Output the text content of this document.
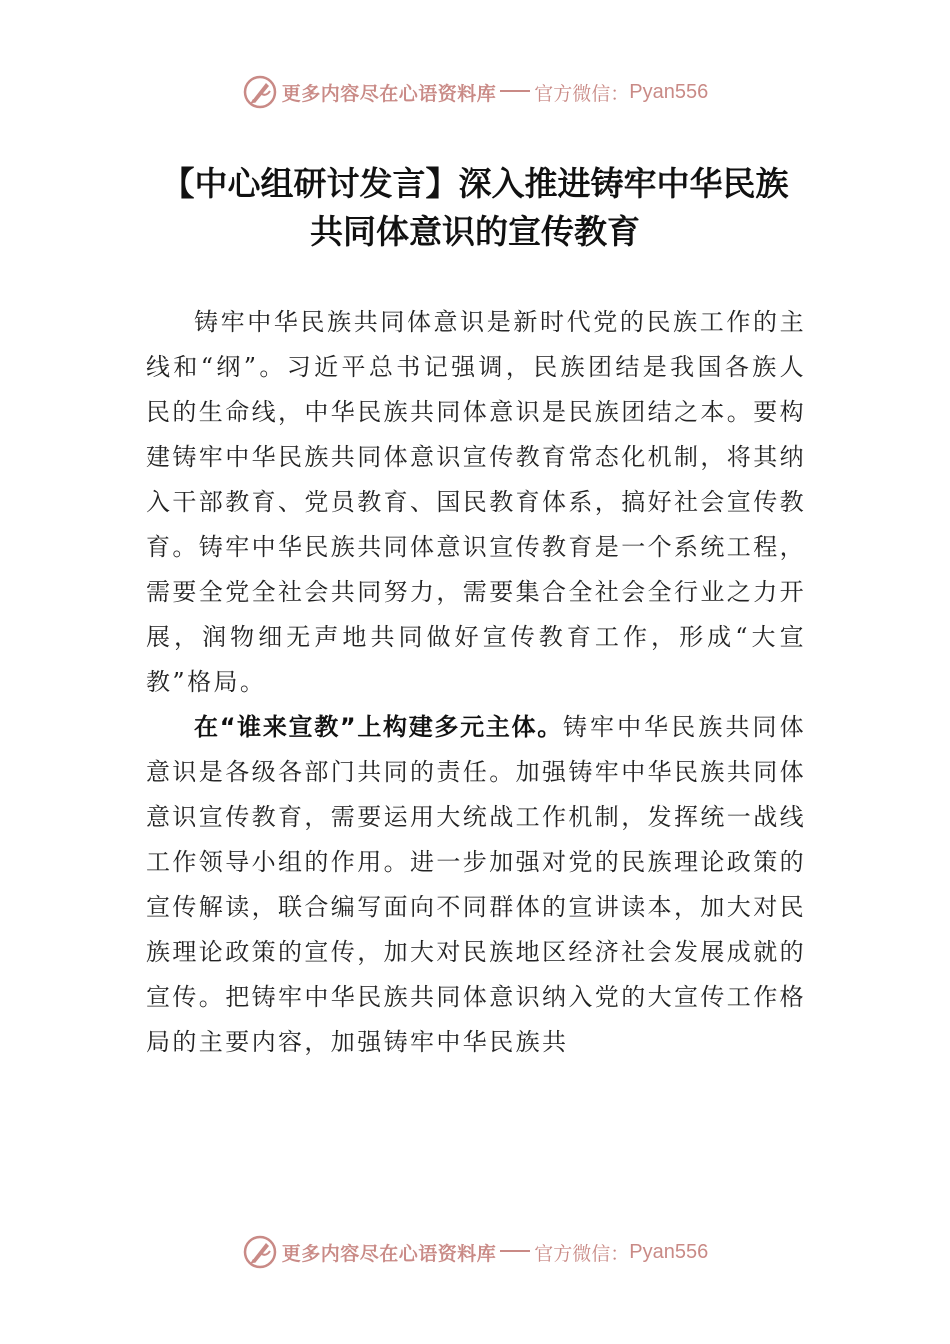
更多内容尽在心语资料库 官方微信： Pyan556
【中心组研讨发言】深入推进铸牢中华民族
共同体意识的宣传教育

铸牢中华民族共同体意识是新时代党的民族工作的主线和“纲”。习近平总书记强调，民族团结是我国各族人民的生命线，中华民族共同体意识是民族团结之本。要构建铸牢中华民族共同体意识宣传教育常态化机制，将其纳入干部教育、党员教育、国民教育体系，搞好社会宣传教育。铸牢中华民族共同体意识宣传教育是一个系统工程，需要全党全社会共同努力，需要集合全社会全行业之力开展，润物细无声地共同做好宣传教育工作，形成“大宣教”格局。

在“谁来宣教”上构建多元主体。铸牢中华民族共同体意识是各级各部门共同的责任。加强铸牢中华民族共同体意识宣传教育，需要运用大统战工作机制，发挥统一战线工作领导小组的作用。进一步加强对党的民族理论政策的宣传解读，联合编写面向不同群体的宣讲读本，加大对民族理论政策的宣传，加大对民族地区经济社会发展成就的宣传。把铸牢中华民族共同体意识纳入党的大宣传工作格局的主要内容，加强铸牢中华民族共

更多内容尽在心语资料库 官方微信： Pyan556
